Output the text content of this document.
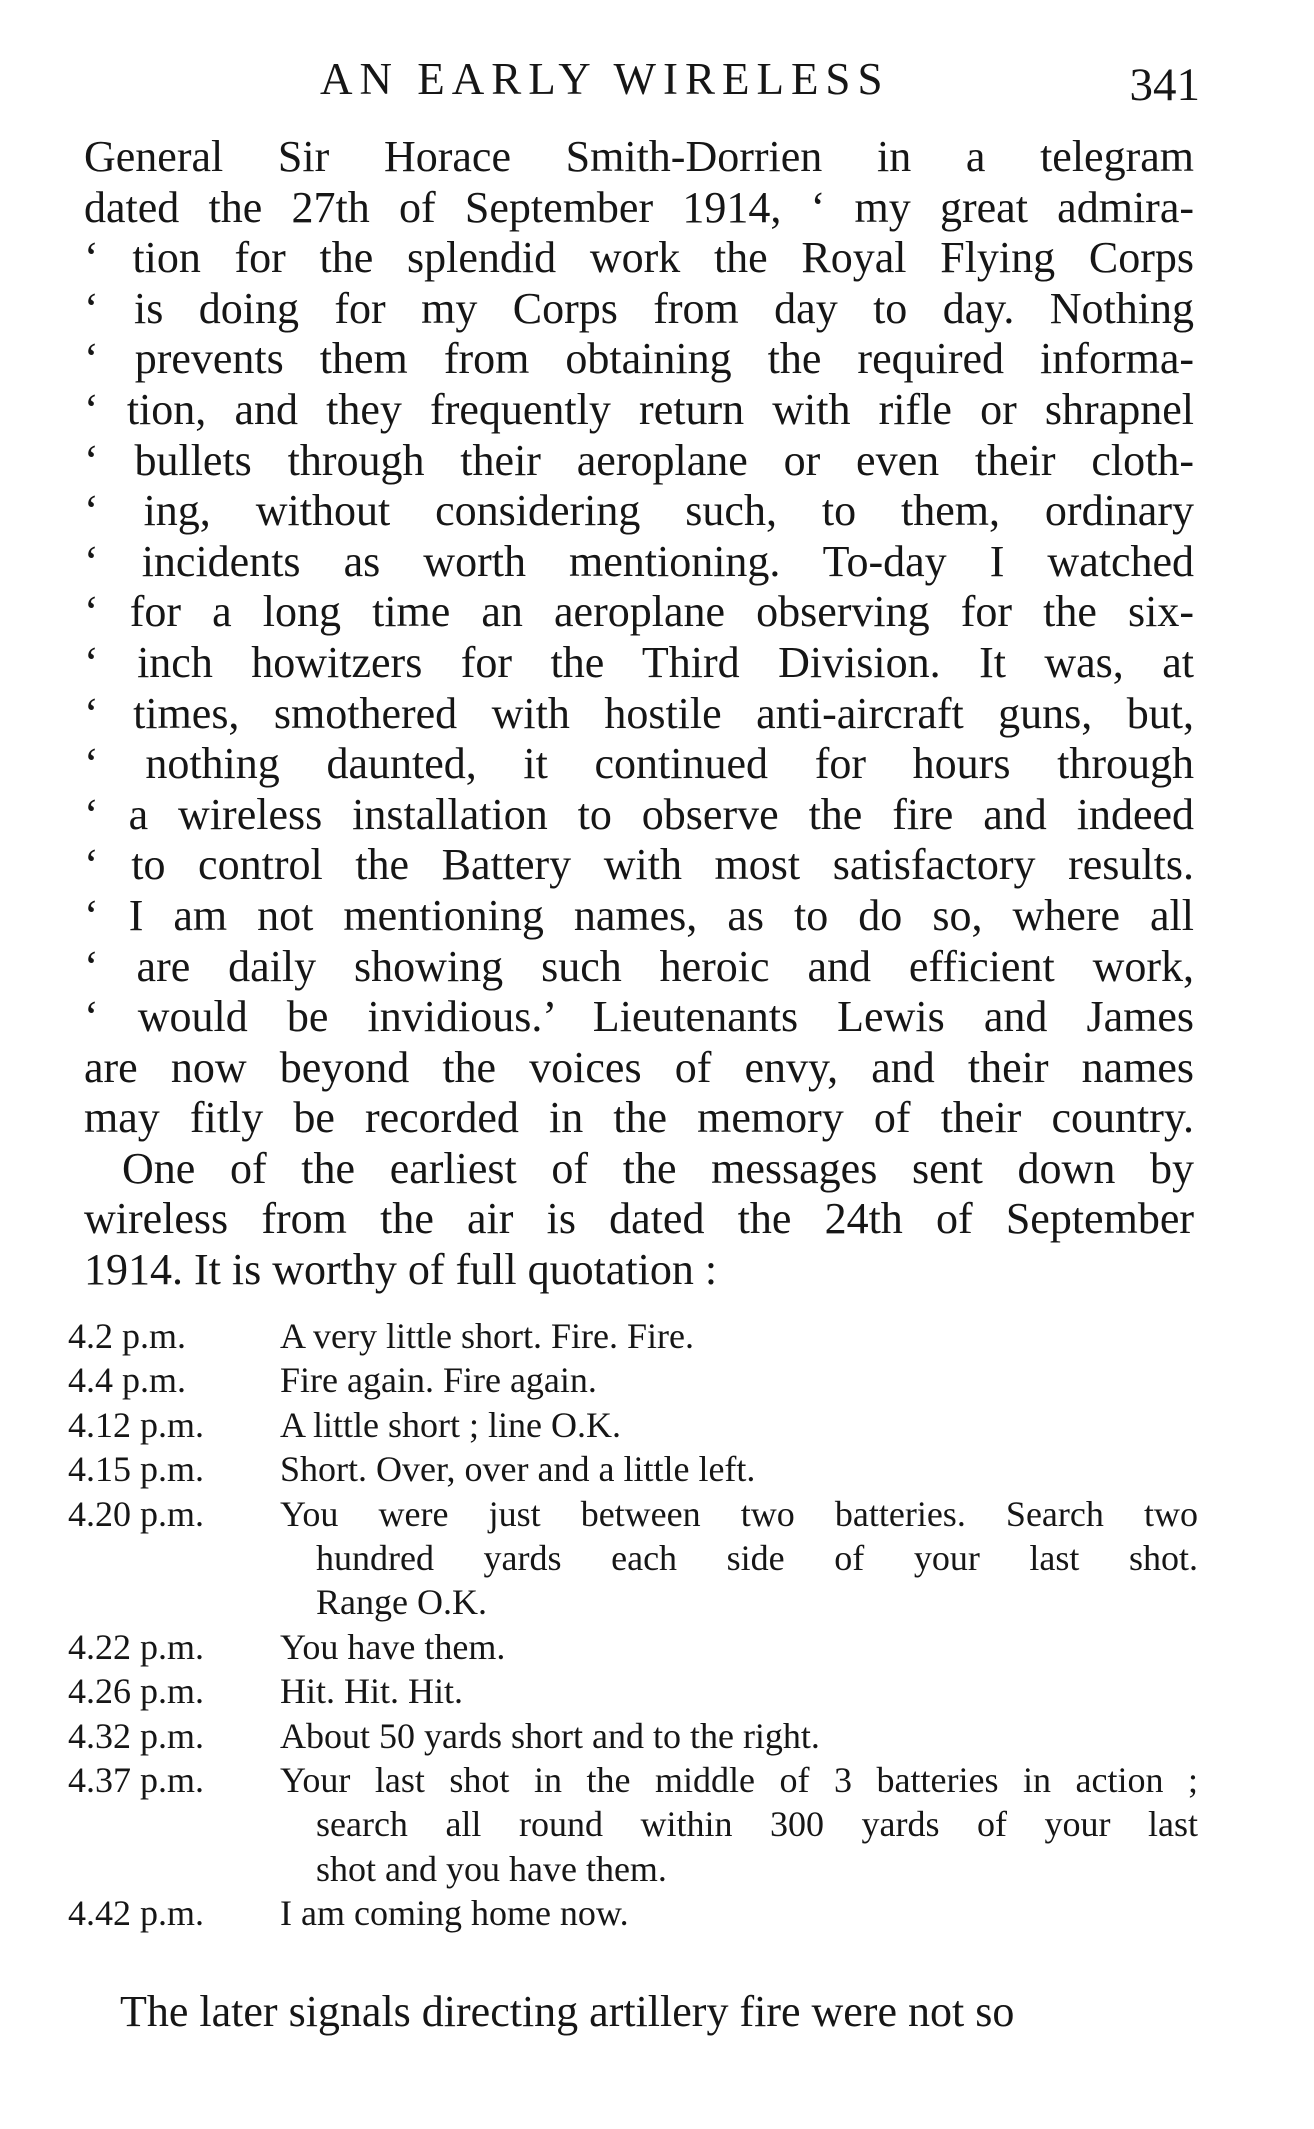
AN EARLY WIRELESS	341
General Sir Horace Smith-Dorrien in a telegram
dated the 27th of September 1914, ‘ my great admira-
‘ tion for the splendid work the Royal Flying Corps
‘ is doing for my Corps from day to day. Nothing
‘ prevents them from obtaining the required informa-
‘ tion, and they frequently return with rifle or shrapnel
‘ bullets through their aeroplane or even their cloth-
‘ ing, without considering such, to them, ordinary
‘ incidents as worth mentioning. To-day I watched
‘ for a long time an aeroplane observing for the six-
‘ inch howitzers for the Third Division. It was, at
‘ times, smothered with hostile anti-aircraft guns, but,
‘ nothing daunted, it continued for hours through
‘ a wireless installation to observe the fire and indeed
‘ to control the Battery with most satisfactory results.
‘ I am not mentioning names, as to do so, where all
‘ are daily showing such heroic and efficient work,
‘ would be invidious.’ Lieutenants Lewis and James
are now beyond the voices of envy, and their names
may fitly be recorded in the memory of their country.
One of the earliest of the messages sent down by
wireless from the air is dated the 24th of September
1914. It is worthy of full quotation :
4.2 p.m.	A very little short. Fire. Fire.
4.4 p.m.	Fire again. Fire again.
4.12 p.m.	A little short ; line O.K.
4.15 p.m.	Short. Over, over and a little left.
4.20 p.m.	You were just between two batteries. Search two
hundred yards each side of your last shot.
Range O.K.
4.22 p.m.	You have them.
4.26 p.m.	Hit. Hit. Hit.
4.32 p.m.	About 50 yards short and to the right.
4.37 p.m.	Your last shot in the middle of 3 batteries in action ;
search all round within 300 yards of your last
shot and you have them.
4.42 p.m.	I am coming home now.
The later signals directing artillery fire were not so
